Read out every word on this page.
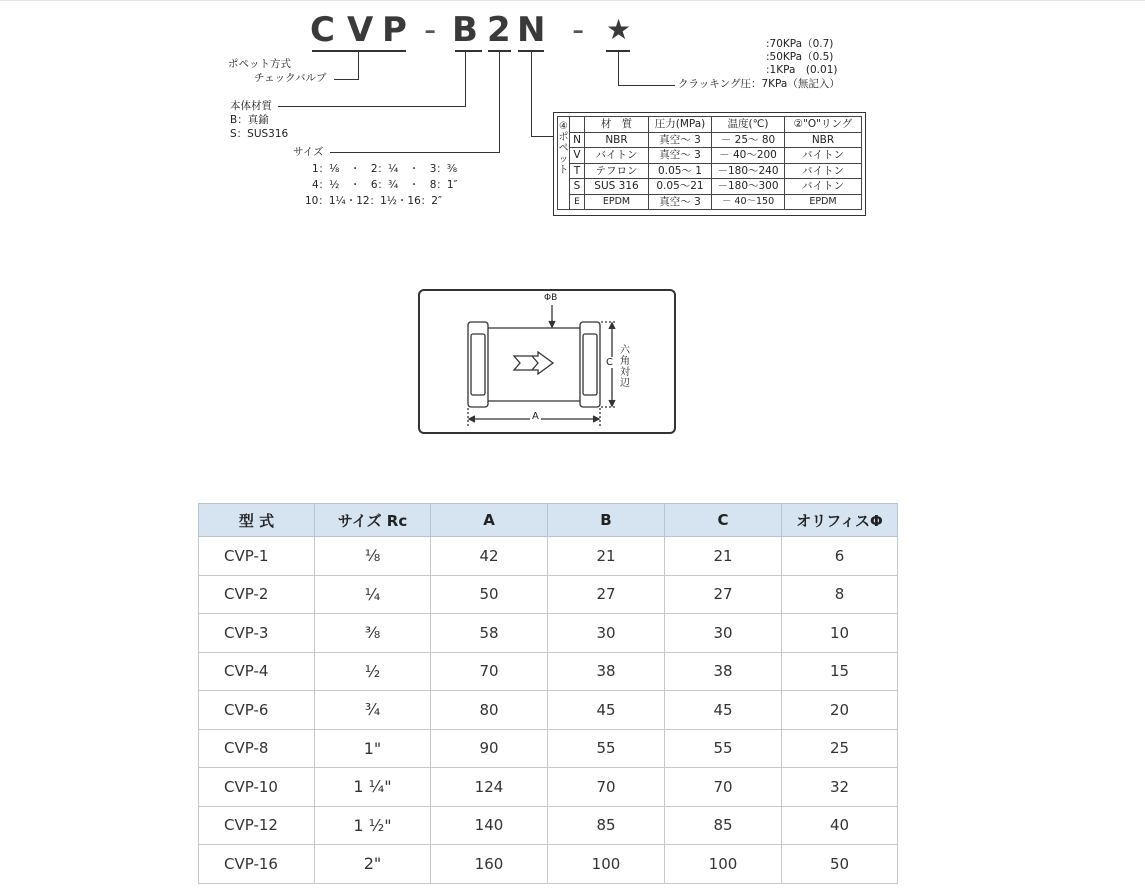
C V P - B 2 N - ★
ポペット方式
チェックバルブ
本体材質
B：真鍮
S：SUS316
サイズ
1：⅛　・　2：¼　・　3：⅜
4：½　・　6：¾　・　8：1″
10：1¼・12：1½・16：2″
:70KPa（0.7)
:50KPa（0.5)
:1KPa　(0.01)
クラッキング圧：7KPa（無記入）
④ポペット		材　質	圧力(MPa)	温度(℃)	②"O"リング
	N	NBR	真空～ 3	－ 25～ 80	NBR
	V	バイトン	真空～ 3	－ 40～200	バイトン
	T	テフロン	0.05～ 1	－180～240	バイトン
	S	SUS 316	0.05～21	－180～300	バイトン
	E	EPDM	真空～ 3	－ 40～150	EPDM
ΦB
C
A
六角対辺
型 式	サイズ Rc	A	B	C	オリフィスΦ
CVP-1	⅛	42	21	21	6
CVP-2	¼	50	27	27	8
CVP-3	⅜	58	30	30	10
CVP-4	½	70	38	38	15
CVP-6	¾	80	45	45	20
CVP-8	1"	90	55	55	25
CVP-10	1 ¼"	124	70	70	32
CVP-12	1 ½"	140	85	85	40
CVP-16	2"	160	100	100	50
